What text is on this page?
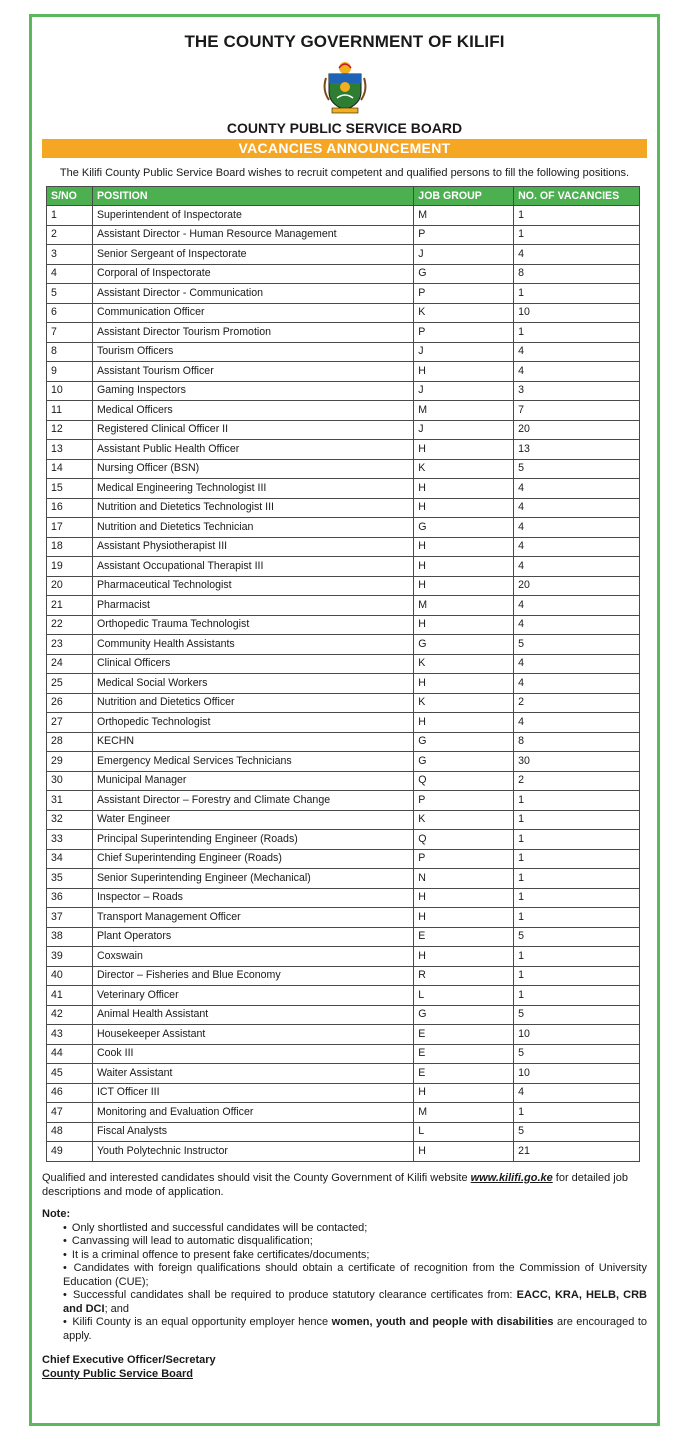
THE COUNTY GOVERNMENT OF KILIFI
COUNTY PUBLIC SERVICE BOARD
VACANCIES ANNOUNCEMENT
The Kilifi County Public Service Board wishes to recruit competent and qualified persons to fill the following positions.
S/NO	POSITION	JOB GROUP	NO. OF VACANCIES
1	Superintendent of Inspectorate	M	1
2	Assistant Director - Human Resource Management	P	1
3	Senior Sergeant of Inspectorate	J	4
4	Corporal of Inspectorate	G	8
5	Assistant Director - Communication	P	1
6	Communication Officer	K	10
7	Assistant Director Tourism Promotion	P	1
8	Tourism Officers	J	4
9	Assistant Tourism Officer	H	4
10	Gaming Inspectors	J	3
11	Medical Officers	M	7
12	Registered Clinical Officer II	J	20
13	Assistant Public Health Officer	H	13
14	Nursing Officer (BSN)	K	5
15	Medical Engineering Technologist III	H	4
16	Nutrition and Dietetics Technologist III	H	4
17	Nutrition and Dietetics Technician	G	4
18	Assistant Physiotherapist III	H	4
19	Assistant Occupational Therapist III	H	4
20	Pharmaceutical Technologist	H	20
21	Pharmacist	M	4
22	Orthopedic Trauma Technologist	H	4
23	Community Health Assistants	G	5
24	Clinical Officers	K	4
25	Medical Social Workers	H	4
26	Nutrition and Dietetics Officer	K	2
27	Orthopedic Technologist	H	4
28	KECHN	G	8
29	Emergency Medical Services Technicians	G	30
30	Municipal Manager	Q	2
31	Assistant Director – Forestry and Climate Change	P	1
32	Water Engineer	K	1
33	Principal Superintending Engineer (Roads)	Q	1
34	Chief Superintending Engineer (Roads)	P	1
35	Senior Superintending Engineer (Mechanical)	N	1
36	Inspector – Roads	H	1
37	Transport Management Officer	H	1
38	Plant Operators	E	5
39	Coxswain	H	1
40	Director – Fisheries and Blue Economy	R	1
41	Veterinary Officer	L	1
42	Animal Health Assistant	G	5
43	Housekeeper Assistant	E	10
44	Cook III	E	5
45	Waiter Assistant	E	10
46	ICT Officer III	H	4
47	Monitoring and Evaluation Officer	M	1
48	Fiscal Analysts	L	5
49	Youth Polytechnic Instructor	H	21
Qualified and interested candidates should visit the County Government of Kilifi website www.kilifi.go.ke for detailed job descriptions and mode of application.
Note:
• Only shortlisted and successful candidates will be contacted;
• Canvassing will lead to automatic disqualification;
• It is a criminal offence to present fake certificates/documents;
• Candidates with foreign qualifications should obtain a certificate of recognition from the Commission of University Education (CUE);
• Successful candidates shall be required to produce statutory clearance certificates from: EACC, KRA, HELB, CRB and DCI; and
• Kilifi County is an equal opportunity employer hence women, youth and people with disabilities are encouraged to apply.
Chief Executive Officer/Secretary
County Public Service Board
